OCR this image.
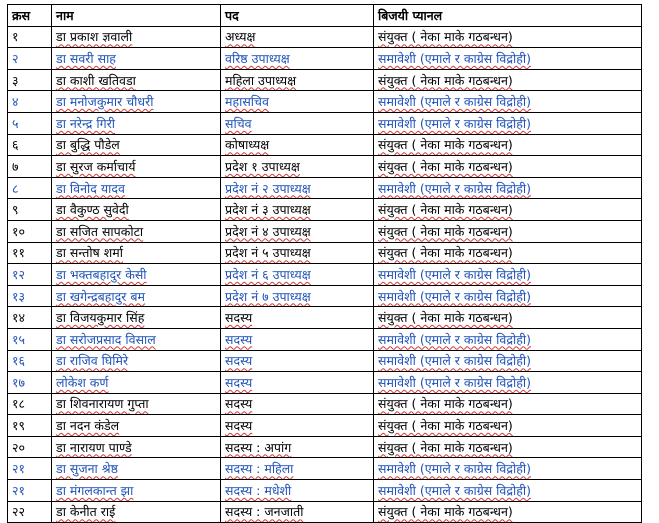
क्रस	नाम	पद	बिजयी प्यानल
१	डा प्रकाश ज्ञवाली	अध्यक्ष	संयुक्त ( नेका माके गठबन्धन)
२	डा सवरी साह	वरिष्ठ उपाध्यक्ष	समावेशी (एमाले र काग्रेस विद्रोही)
३	डा काशी खतिवडा	महिला उपाध्यक्ष	संयुक्त ( नेका माके गठबन्धन)
४	डा मनोजकुमार चौधरी	महासचिव	समावेशी (एमाले र काग्रेस विद्रोही)
५	डा नरेन्द्र गिरी	सचिव	समावेशी (एमाले र काग्रेस विद्रोही)
६	डा बुद्धि पौडेल	कोषाध्यक्ष	संयुक्त ( नेका माके गठबन्धन)
७	डा सुरज कर्माचार्य	प्रदेश १ उपाध्यक्ष	संयुक्त ( नेका माके गठबन्धन)
८	डा विनोद यादव	प्रदेश नं २ उपाध्यक्ष	समावेशी (एमाले र काग्रेस विद्रोही)
९	डा वैकुण्ठ सुवेदी	प्रदेश नं ३ उपाध्यक्ष	संयुक्त ( नेका माके गठबन्धन)
१०	डा सजित सापकोटा	प्रदेश नं ४ उपाध्यक्ष	संयुक्त ( नेका माके गठबन्धन)
११	डा सन्तोष शर्मा	प्रदेश नं ५ उपाध्यक्ष	संयुक्त ( नेका माके गठबन्धन)
१२	डा भक्तबहादुर केसी	प्रदेश नं ६ उपाध्यक्ष	समावेशी (एमाले र काग्रेस विद्रोही)
१३	डा खगेन्द्रबहादुर बम	प्रदेश नं ७ उपाध्यक्ष	समावेशी (एमाले र काग्रेस विद्रोही)
१४	डा विजयकुमार सिंह	सदस्य	संयुक्त ( नेका माके गठबन्धन)
१५	डा सरोजप्रसाद विसाल	सदस्य	समावेशी (एमाले र काग्रेस विद्रोही)
१६	डा राजिव घिमिरे	सदस्य	समावेशी (एमाले र काग्रेस विद्रोही)
१७	लोकेश कर्ण	सदस्य	समावेशी (एमाले र काग्रेस विद्रोही)
१८	डा शिवनारायण गुप्ता	सदस्य	संयुक्त ( नेका माके गठबन्धन)
१९	डा नदन कंडेल	सदस्य	संयुक्त ( नेका माके गठबन्धन)
२०	डा नारायण पाण्डे	सदस्य : अपांग	संयुक्त ( नेका माके गठबन्धन)
२१	डा सुजना श्रेष्ठ	सदस्य : महिला	समावेशी (एमाले र काग्रेस विद्रोही)
२१	डा मंगलकान्त झा	सदस्य : मधेशी	समावेशी (एमाले र काग्रेस विद्रोही)
२२	डा केनीत राई	सदस्य : जनजाती	संयुक्त ( नेका माके गठबन्धन)
